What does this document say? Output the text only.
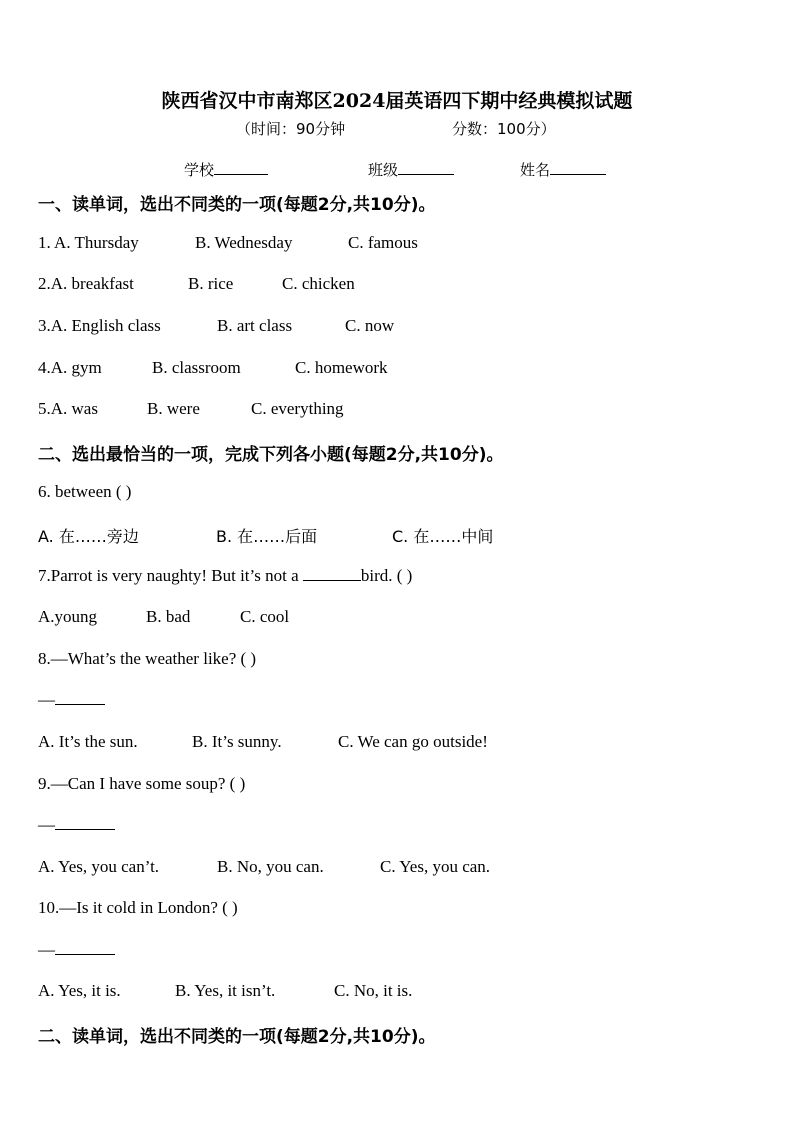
陕西省汉中市南郑区2024届英语四下期中经典模拟试题
（时间：90分钟	分数：100分）
学校	班级	姓名
一、读单词，选出不同类的一项(每题2分,共10分)。
1. A. Thursday	B. Wednesday	C. famous
2.A. breakfast	B. rice	C. chicken
3.A. English class	B. art class	C. now
4.A. gym	B. classroom	C. homework
5.A. was	B. were	C. everything
二、选出最恰当的一项，完成下列各小题(每题2分,共10分)。
6. between ( )
A. 在……旁边	B. 在……后面	C. 在……中间
7.Parrot is very naughty! But it’s not a	bird. ( )
A.young	B. bad	C. cool
8.—What’s the weather like? ( )
—
A. It’s the sun.	B. It’s sunny.	C. We can go outside!
9.—Can I have some soup? ( )
—
A. Yes, you can’t.	B. No, you can.	C. Yes, you can.
10.—Is it cold in London? ( )
—
A. Yes, it is.	B. Yes, it isn’t.	C. No, it is.
二、读单词，选出不同类的一项(每题2分,共10分)。
